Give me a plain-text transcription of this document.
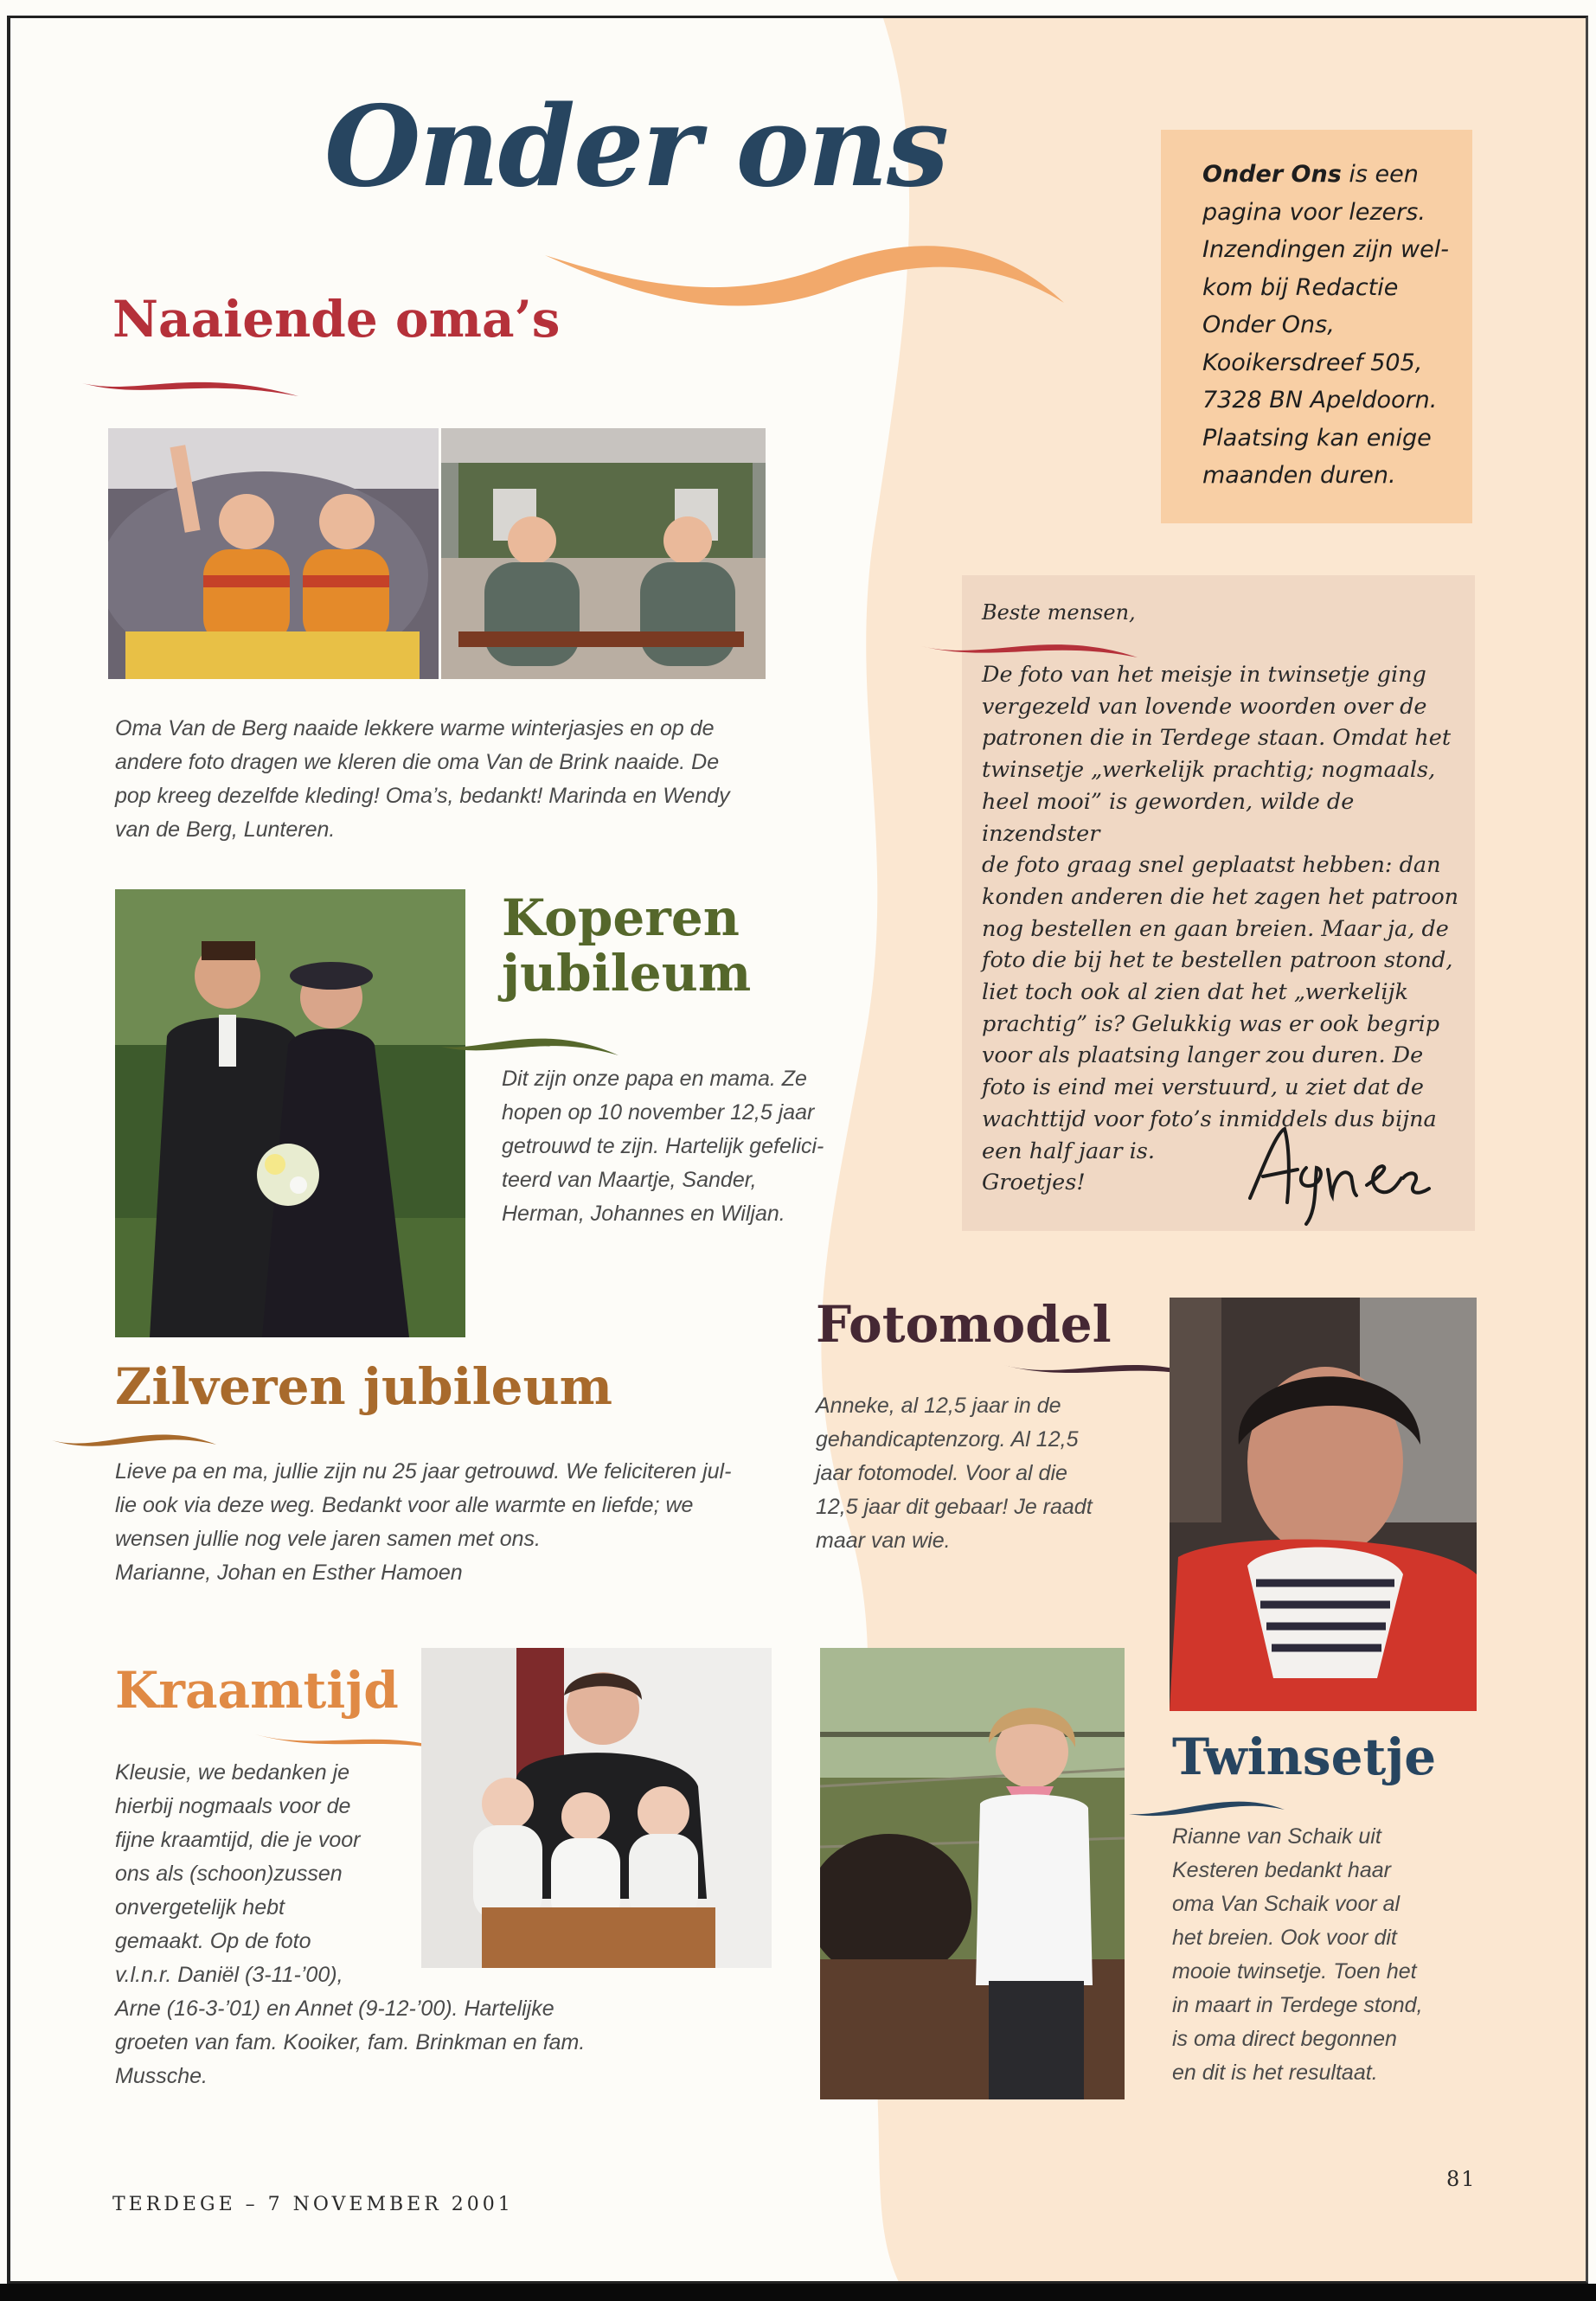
Onder ons	Onder Ons is een
pagina voor lezers.
Inzendingen zijn wel-
kom bij Redactie
Onder Ons,
Kooikersdreef 505,
7328 BN Apeldoorn.
Plaatsing kan enige
maanden duren.
Naaiende oma’s
Oma Van de Berg naaide lekkere warme winterjasjes en op de
andere foto dragen we kleren die oma Van de Brink naaide. De
pop kreeg dezelfde kleding! Oma’s, bedankt! Marinda en Wendy
van de Berg, Lunteren.
Beste mensen,
De foto van het meisje in twinsetje ging
vergezeld van lovende woorden over de
patronen die in Terdege staan. Omdat het
twinsetje „werkelijk prachtig; nogmaals,
heel mooi” is geworden, wilde de inzendster
de foto graag snel geplaatst hebben: dan
konden anderen die het zagen het patroon
nog bestellen en gaan breien. Maar ja, de
foto die bij het te bestellen patroon stond,
liet toch ook al zien dat het „werkelijk
prachtig” is? Gelukkig was er ook begrip
voor als plaatsing langer zou duren. De
foto is eind mei verstuurd, u ziet dat de
wachttijd voor foto’s inmiddels dus bijna
een half jaar is.
Groetjes!
Koperen
jubileum
Dit zijn onze papa en mama. Ze
hopen op 10 november 12,5 jaar
getrouwd te zijn. Hartelijk gefelici-
teerd van Maartje, Sander,
Herman, Johannes en Wiljan.
Zilveren jubileum
Lieve pa en ma, jullie zijn nu 25 jaar getrouwd. We feliciteren jul-
lie ook via deze weg. Bedankt voor alle warmte en liefde; we
wensen jullie nog vele jaren samen met ons.
Marianne, Johan en Esther Hamoen
Fotomodel
Anneke, al 12,5 jaar in de
gehandicaptenzorg. Al 12,5
jaar fotomodel. Voor al die
12,5 jaar dit gebaar! Je raadt
maar van wie.
Kraamtijd
Kleusie, we bedanken je
hierbij nogmaals voor de
fijne kraamtijd, die je voor
ons als (schoon)zussen
onvergetelijk hebt
gemaakt. Op de foto
v.l.n.r. Daniël (3-11-’00),
Arne (16-3-’01) en Annet (9-12-’00). Hartelijke
groeten van fam. Kooiker, fam. Brinkman en fam.
Mussche.
Twinsetje
Rianne van Schaik uit
Kesteren bedankt haar
oma Van Schaik voor al
het breien. Ook voor dit
mooie twinsetje. Toen het
in maart in Terdege stond,
is oma direct begonnen
en dit is het resultaat.
TERDEGE – 7 NOVEMBER 2001
81
